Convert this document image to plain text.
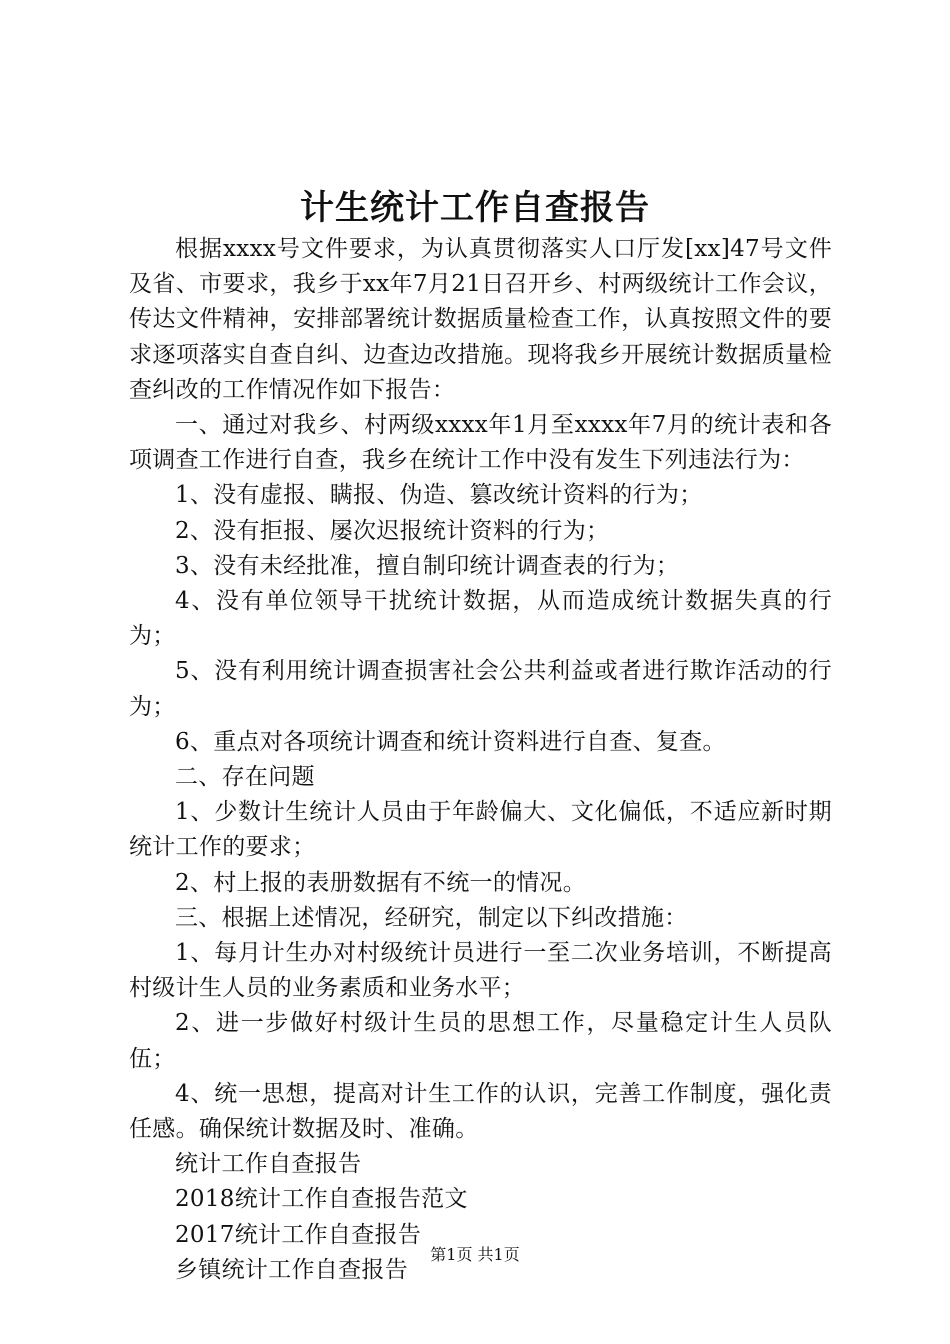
计生统计工作自查报告

根据xxxx号文件要求，为认真贯彻落实人口厅发[xx]47号文件及省、市要求，我乡于xx年7月21日召开乡、村两级统计工作会议，传达文件精神，安排部署统计数据质量检查工作，认真按照文件的要求逐项落实自查自纠、边查边改措施。现将我乡开展统计数据质量检查纠改的工作情况作如下报告：

一、通过对我乡、村两级xxxx年1月至xxxx年7月的统计表和各项调查工作进行自查，我乡在统计工作中没有发生下列违法行为：

1、没有虚报、瞒报、伪造、篡改统计资料的行为；

2、没有拒报、屡次迟报统计资料的行为；

3、没有未经批准，擅自制印统计调查表的行为；

4、没有单位领导干扰统计数据，从而造成统计数据失真的行为；

5、没有利用统计调查损害社会公共利益或者进行欺诈活动的行为；

6、重点对各项统计调查和统计资料进行自查、复查。

二、存在问题

1、少数计生统计人员由于年龄偏大、文化偏低，不适应新时期统计工作的要求；

2、村上报的表册数据有不统一的情况。

三、根据上述情况，经研究，制定以下纠改措施：

1、每月计生办对村级统计员进行一至二次业务培训，不断提高村级计生人员的业务素质和业务水平；

2、进一步做好村级计生员的思想工作，尽量稳定计生人员队伍；

4、统一思想，提高对计生工作的认识，完善工作制度，强化责任感。确保统计数据及时、准确。

统计工作自查报告

2018统计工作自查报告范文

2017统计工作自查报告

乡镇统计工作自查报告

第1页 共1页
